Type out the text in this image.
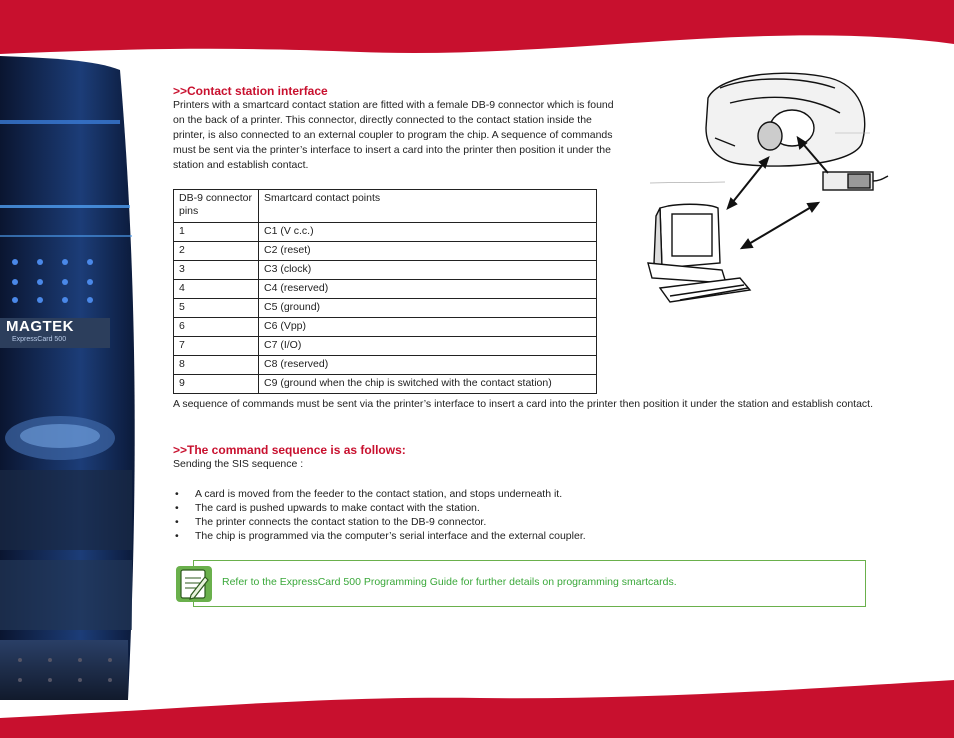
MAGTEK
ExpressCard 500

>>Contact station interface

Printers with a smartcard contact station are fitted with a female DB-9 connector which is found on the back of a printer. This connector, directly connected to the contact station inside the printer, is also connected to an external coupler to program the chip. A sequence of commands must be sent via the printer’s interface to insert a card into the printer then position it under the station and establish contact.

DB-9 connector pins	Smartcard contact points
1	C1 (V c.c.)
2	C2 (reset)
3	C3 (clock)
4	C4 (reserved)
5	C5 (ground)
6	C6 (Vpp)
7	C7 (I/O)
8	C8 (reserved)
9	C9 (ground when the chip is switched with the contact station)

A sequence of commands must be sent via the printer’s interface to insert a card into the printer then position it under the station and establish contact.

>>The command sequence is as follows:

Sending the SIS sequence :

• A card is moved from the feeder to the contact station, and stops underneath it.
• The card is pushed upwards to make contact with the station.
• The printer connects the contact station to the DB-9 connector.
• The chip is programmed via the computer’s serial interface and the external coupler.
Refer to the ExpressCard 500 Programming Guide for further details on programming smartcards.
